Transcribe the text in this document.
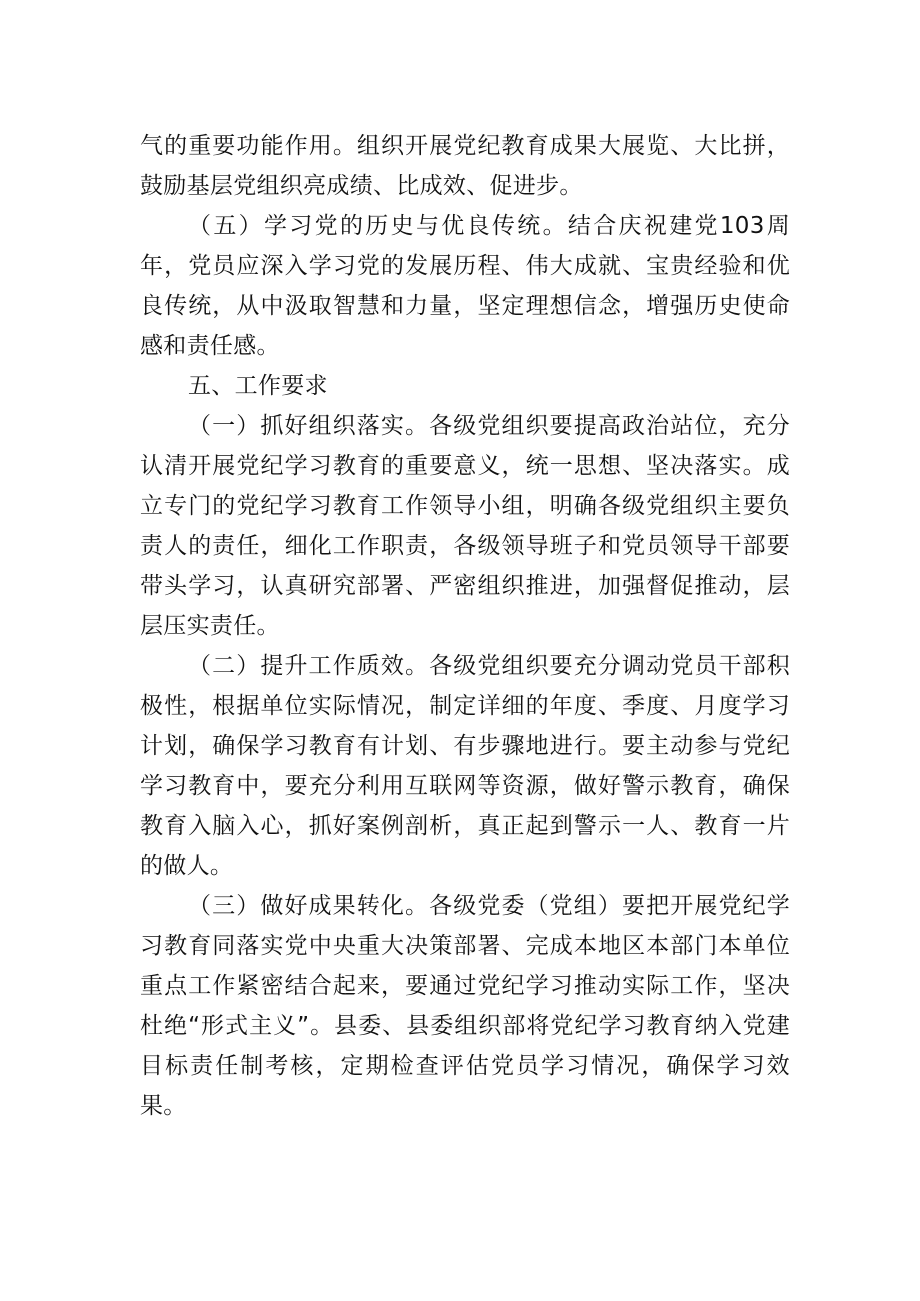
气的重要功能作用。组织开展党纪教育成果大展览、大比拼，鼓励基层党组织亮成绩、比成效、促进步。

（五）学习党的历史与优良传统。结合庆祝建党103周年，党员应深入学习党的发展历程、伟大成就、宝贵经验和优良传统，从中汲取智慧和力量，坚定理想信念，增强历史使命感和责任感。

五、工作要求

（一）抓好组织落实。各级党组织要提高政治站位，充分认清开展党纪学习教育的重要意义，统一思想、坚决落实。成立专门的党纪学习教育工作领导小组，明确各级党组织主要负责人的责任，细化工作职责，各级领导班子和党员领导干部要带头学习，认真研究部署、严密组织推进，加强督促推动，层层压实责任。

（二）提升工作质效。各级党组织要充分调动党员干部积极性，根据单位实际情况，制定详细的年度、季度、月度学习计划，确保学习教育有计划、有步骤地进行。要主动参与党纪学习教育中，要充分利用互联网等资源，做好警示教育，确保教育入脑入心，抓好案例剖析，真正起到警示一人、教育一片的做人。

（三）做好成果转化。各级党委（党组）要把开展党纪学习教育同落实党中央重大决策部署、完成本地区本部门本单位重点工作紧密结合起来，要通过党纪学习推动实际工作，坚决杜绝“形式主义”。县委、县委组织部将党纪学习教育纳入党建目标责任制考核，定期检查评估党员学习情况，确保学习效果。
